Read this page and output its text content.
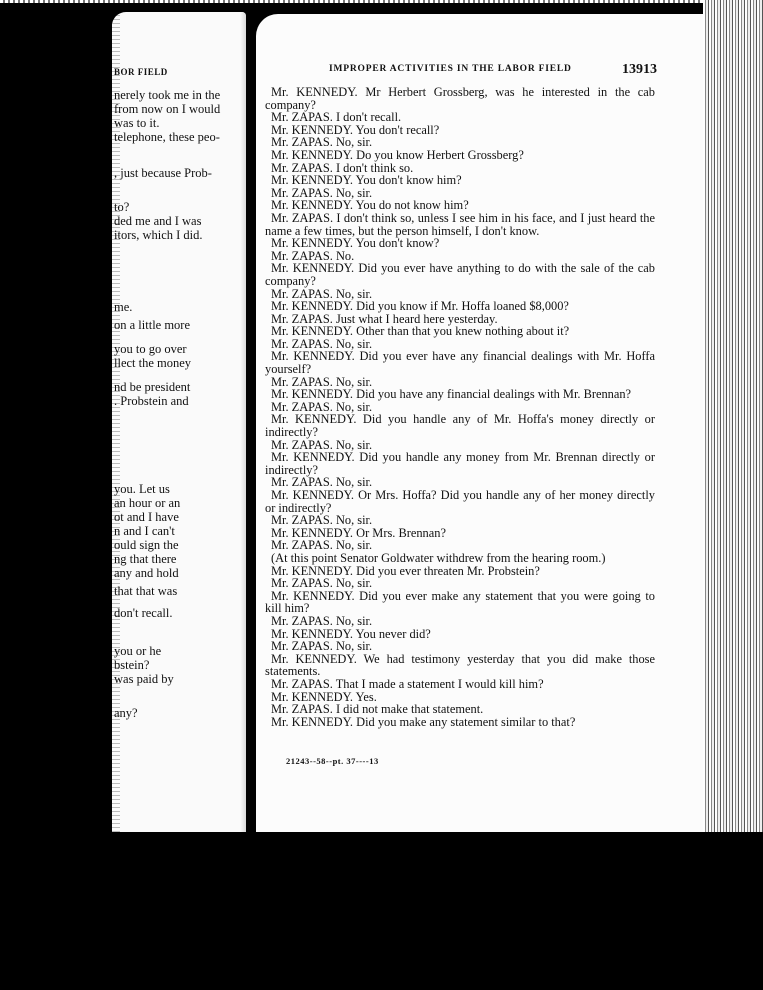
BOR FIELD
nerely took me in the
from now on I would
was to it.
telephone, these peo-
, just because Prob-
to?
ded me and I was
itors, which I did.
me.
on a little more
you to go over
llect the money
nd be president
. Probstein and
you. Let us
an hour or an
ot and I have
n and I can't
ould sign the
ng that there
any and hold
that that was
don't recall.
you or he
bstein?
was paid by
any?
IMPROPER ACTIVITIES IN THE LABOR FIELD	13913
Mr. KENNEDY. Mr Herbert Grossberg, was he interested in the cab company?
Mr. ZAPAS. I don't recall.
Mr. KENNEDY. You don't recall?
Mr. ZAPAS. No, sir.
Mr. KENNEDY. Do you know Herbert Grossberg?
Mr. ZAPAS. I don't think so.
Mr. KENNEDY. You don't know him?
Mr. ZAPAS. No, sir.
Mr. KENNEDY. You do not know him?
Mr. ZAPAS. I don't think so, unless I see him in his face, and I just heard the name a few times, but the person himself, I don't know.
Mr. KENNEDY. You don't know?
Mr. ZAPAS. No.
Mr. KENNEDY. Did you ever have anything to do with the sale of the cab company?
Mr. ZAPAS. No, sir.
Mr. KENNEDY. Did you know if Mr. Hoffa loaned $8,000?
Mr. ZAPAS. Just what I heard here yesterday.
Mr. KENNEDY. Other than that you knew nothing about it?
Mr. ZAPAS. No, sir.
Mr. KENNEDY. Did you ever have any financial dealings with Mr. Hoffa yourself?
Mr. ZAPAS. No, sir.
Mr. KENNEDY. Did you have any financial dealings with Mr. Brennan?
Mr. ZAPAS. No, sir.
Mr. KENNEDY. Did you handle any of Mr. Hoffa's money directly or indirectly?
Mr. ZAPAS. No, sir.
Mr. KENNEDY. Did you handle any money from Mr. Brennan directly or indirectly?
Mr. ZAPAS. No, sir.
Mr. KENNEDY. Or Mrs. Hoffa? Did you handle any of her money directly or indirectly?
Mr. ZAPAS. No, sir.
Mr. KENNEDY. Or Mrs. Brennan?
Mr. ZAPAS. No, sir.
(At this point Senator Goldwater withdrew from the hearing room.)
Mr. KENNEDY. Did you ever threaten Mr. Probstein?
Mr. ZAPAS. No, sir.
Mr. KENNEDY. Did you ever make any statement that you were going to kill him?
Mr. ZAPAS. No, sir.
Mr. KENNEDY. You never did?
Mr. ZAPAS. No, sir.
Mr. KENNEDY. We had testimony yesterday that you did make those statements.
Mr. ZAPAS. That I made a statement I would kill him?
Mr. KENNEDY. Yes.
Mr. ZAPAS. I did not make that statement.
Mr. KENNEDY. Did you make any statement similar to that?
21243--58--pt. 37----13
